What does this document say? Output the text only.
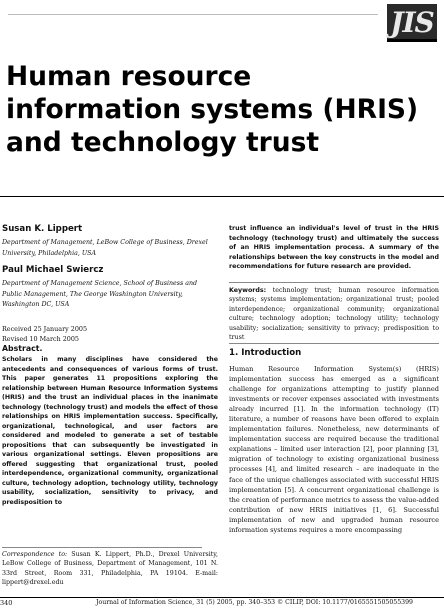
JIS
Human resource information systems (HRIS) and technology trust
Susan K. Lippert
Department of Management, LeBow College of Business, Drexel University, Philadelphia, USA
Paul Michael Swiercz
Department of Management Science, School of Business and Public Management, The George Washington University, Washington DC, USA
Received 25 January 2005
Revised 10 March 2005
Abstract.

Scholars in many disciplines have considered the antecedents and consequences of various forms of trust. This paper generates 11 propositions exploring the relationship between Human Resource Information Systems (HRIS) and the trust an individual places in the inanimate technology (technology trust) and models the effect of those relationships on HRIS implementation success. Specifically, organizational, technological, and user factors are considered and modeled to generate a set of testable propositions that can subsequently be investigated in various organizational settings. Eleven propositions are offered suggesting that organizational trust, pooled interdependence, organizational community, organizational culture, technology adoption, technology utility, technology usability, socialization, sensitivity to privacy, and predisposition to

Correspondence to: Susan K. Lippert, Ph.D., Drexel University, LeBow College of Business, Department of Management, 101 N. 33rd Street, Room 331, Philadelphia, PA 19104. E-mail: lippert@drexel.edu

trust influence an individual's level of trust in the HRIS technology (technology trust) and ultimately the success of an HRIS implementation process. A summary of the relationships between the key constructs in the model and recommendations for future research are provided.

Keywords: technology trust; human resource information systems; systems implementation; organizational trust; pooled interdependence; organizational community; organizational culture; technology adoption; technology utility; technology usability; socialization; sensitivity to privacy; predisposition to trust

1. Introduction

Human Resource Information System(s) (HRIS) implementation success has emerged as a significant challenge for organizations attempting to justify planned investments or recover expenses associated with investments already incurred [1]. In the information technology (IT) literature, a number of reasons have been offered to explain implementation failures. Nonetheless, new determinants of implementation success are required because the traditional explanations – limited user interaction [2], poor planning [3], migration of technology to existing organizational business processes [4], and limited research – are inadequate in the face of the unique challenges associated with successful HRIS implementation [5]. A concurrent organizational challenge is the creation of performance metrics to assess the value-added contribution of new HRIS initiatives [1, 6]. Successful implementation of new and upgraded human resource information systems requires a more encompassing

340	Journal of Information Science, 31 (5) 2005, pp. 340–353 © CILIP, DOI: 10.1177/0165551505055399
